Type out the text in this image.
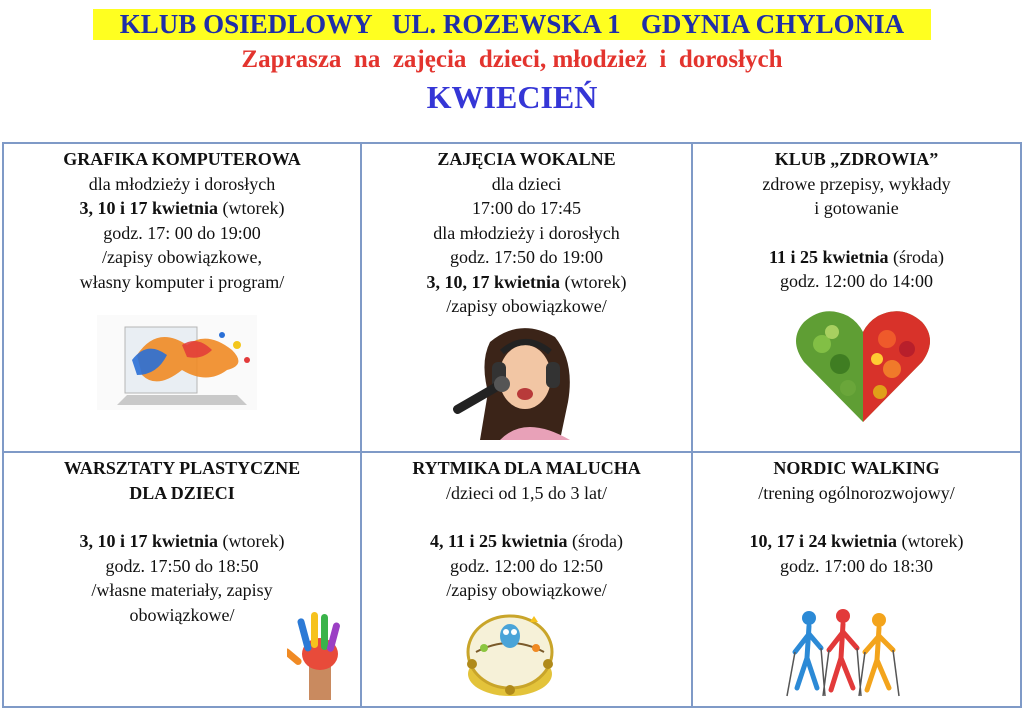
KLUB OSIEDLOWY   UL. ROZEWSKA 1   GDYNIA CHYLONIA
Zaprasza  na  zajęcia  dzieci, młodzież  i  dorosłych
KWIECIEŃ
GRAFIKA KOMPUTEROWA
dla młodzieży i dorosłych
3, 10 i 17 kwietnia (wtorek)
godz. 17: 00 do 19:00
/zapisy obowiązkowe,
własny komputer i program/
ZAJĘCIA WOKALNE
dla dzieci
17:00 do 17:45
dla młodzieży i dorosłych
godz. 17:50 do 19:00
3, 10, 17 kwietnia (wtorek)
/zapisy obowiązkowe/
KLUB „ZDROWIA”
zdrowe przepisy, wykłady
i gotowanie
11 i 25 kwietnia (środa)
godz. 12:00 do 14:00
WARSZTATY PLASTYCZNE
DLA DZIECI
3, 10 i 17 kwietnia (wtorek)
godz. 17:50 do 18:50
/własne materiały, zapisy
obowiązkowe/
RYTMIKA DLA MALUCHA
/dzieci od 1,5 do 3 lat/
4, 11 i 25 kwietnia (środa)
godz. 12:00 do 12:50
/zapisy obowiązkowe/
NORDIC WALKING
/trening ogólnorozwojowy/
10, 17 i 24 kwietnia (wtorek)
godz. 17:00 do 18:30
